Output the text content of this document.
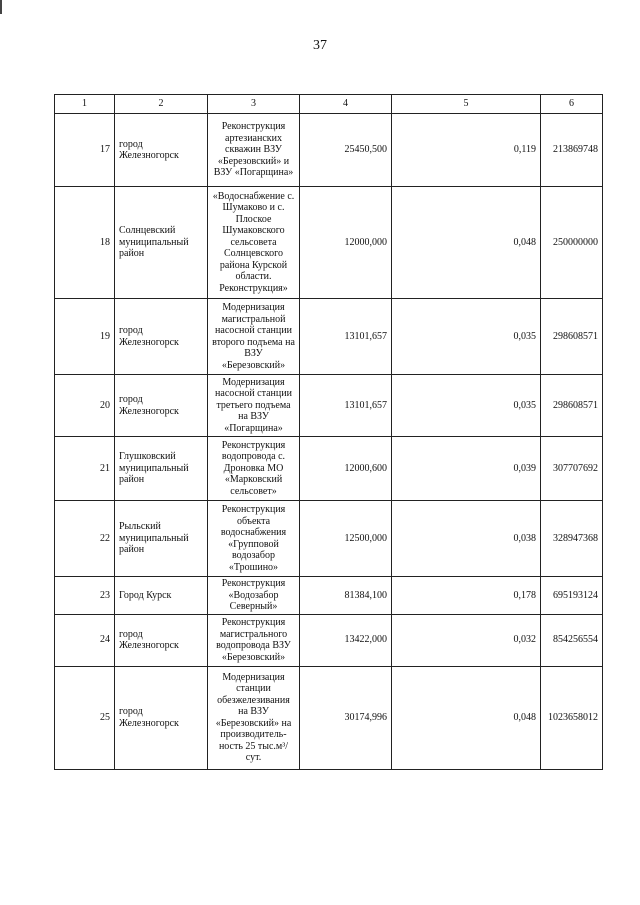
37
1	2	3	4	5	6
17	город Железногорск	Реконструкция артезианских скважин ВЗУ «Березовский» и ВЗУ «Погарщина»	25450,500	0,119	213869748
18	Солнцевский муниципальный район	«Водоснабжение с. Шумаково и с. Плоское Шумаковского сельсовета Солнцевского района Курской области. Реконструкция»	12000,000	0,048	250000000
19	город Железногорск	Модернизация магистральной насосной станции второго подъема на ВЗУ «Березовский»	13101,657	0,035	298608571
20	город Железногорск	Модернизация насосной станции третьего подъема на ВЗУ «Погарщина»	13101,657	0,035	298608571
21	Глушковский муниципальный район	Реконструкция водопровода с. Дроновка МО «Марковский сельсовет»	12000,600	0,039	307707692
22	Рыльский муниципальный район	Реконструкция объекта водоснабжения «Групповой водозабор «Трошино»	12500,000	0,038	328947368
23	Город Курск	Реконструкция «Водозабор Северный»	81384,100	0,178	695193124
24	город Железногорск	Реконструкция магистрального водопровода ВЗУ «Березовский»	13422,000	0,032	854256554
25	город Железногорск	Модернизация станции обезжелезивания на ВЗУ «Березовский» на производитель-ность 25 тыс.м³/сут.	30174,996	0,048	1023658012
